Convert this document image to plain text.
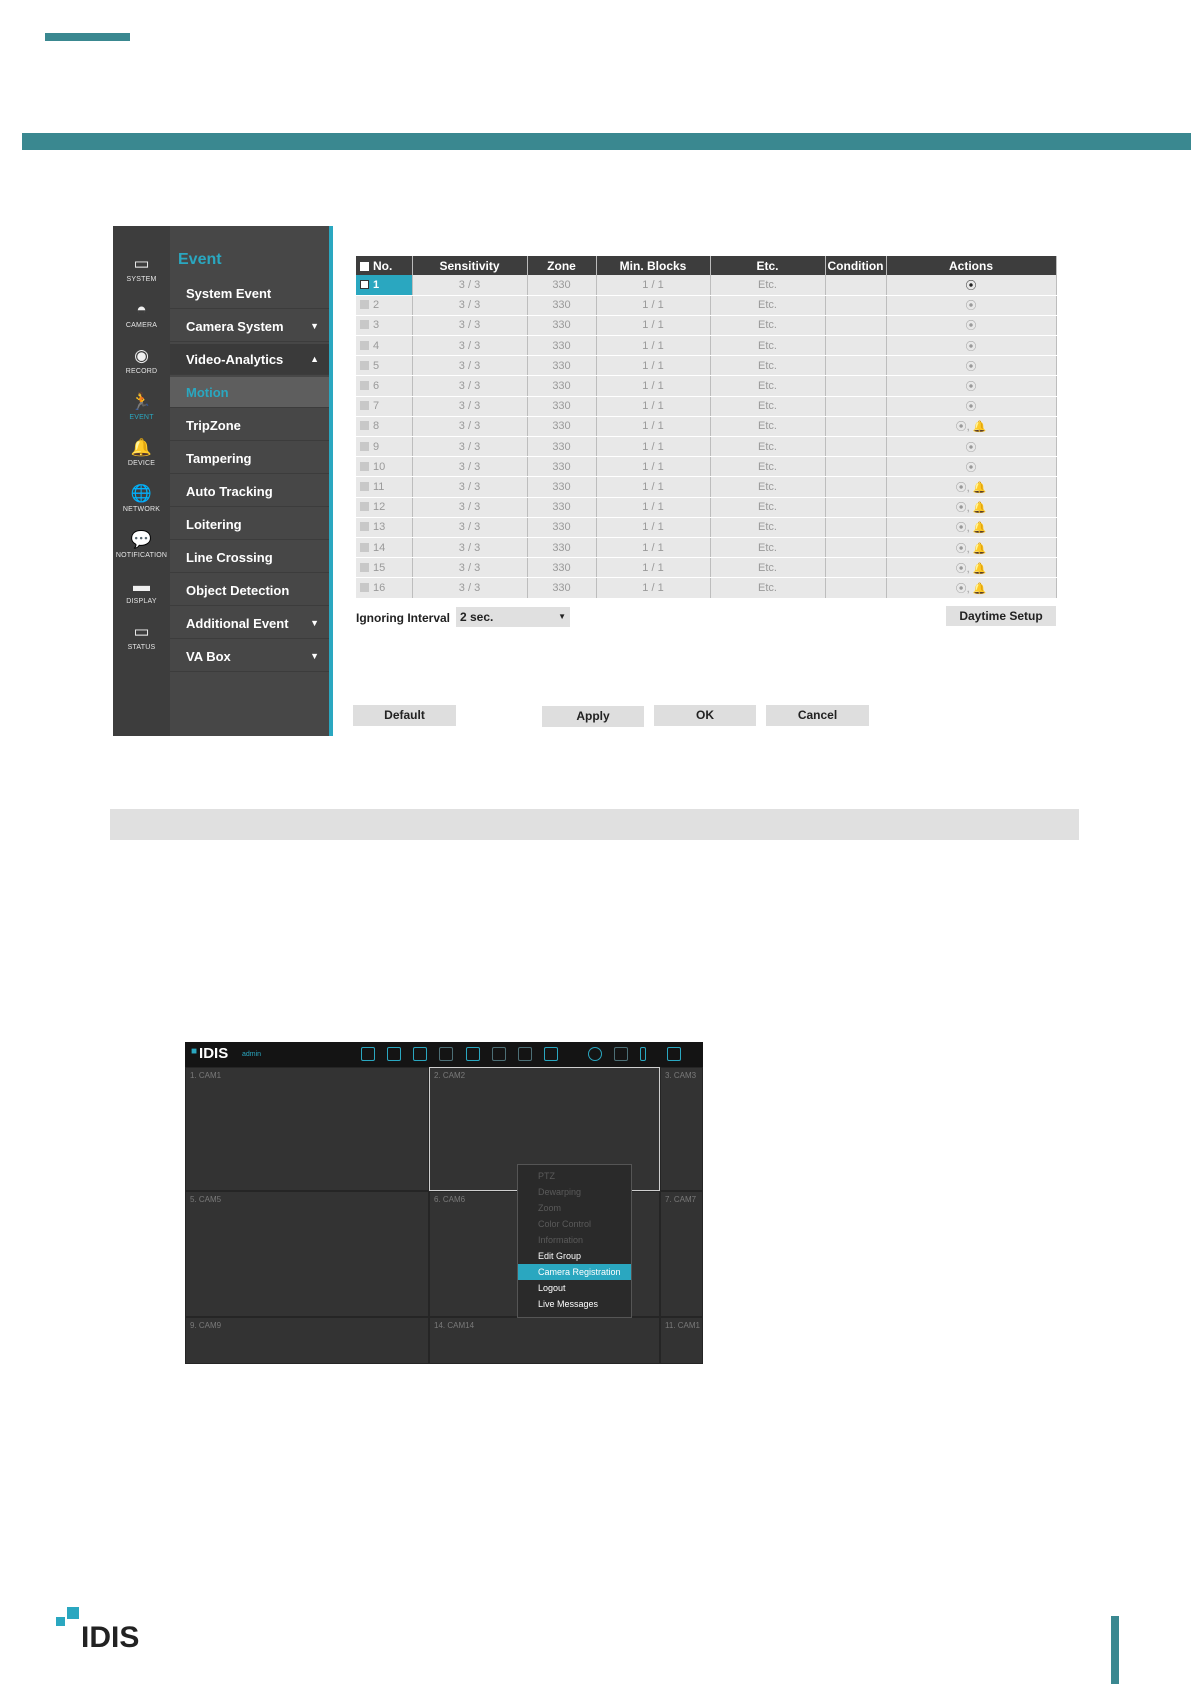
▭
SYSTEM
◓
CAMERA
◉
RECORD
🏃
EVENT
🔔
DEVICE
🌐
NETWORK
💬
NOTIFICATION
▬
DISPLAY
▭
STATUS
Event
System Event
Camera System	▼
Video-Analytics	▲
Motion
TripZone
Tampering
Auto Tracking
Loitering
Line Crossing
Object Detection
Additional Event ▼
VA Box	▼
No.	Sensitivity	Zone	Min. Blocks	Etc.	Condition	Actions
1	3 / 3	330	1 / 1	Etc.		⦿
2	3 / 3	330	1 / 1	Etc.		⦿
3	3 / 3	330	1 / 1	Etc.		⦿
4	3 / 3	330	1 / 1	Etc.		⦿
5	3 / 3	330	1 / 1	Etc.		⦿
6	3 / 3	330	1 / 1	Etc.		⦿
7	3 / 3	330	1 / 1	Etc.		⦿
8	3 / 3	330	1 / 1	Etc.		⦿, 🔔
9	3 / 3	330	1 / 1	Etc.		⦿
10	3 / 3	330	1 / 1	Etc.		⦿
11	3 / 3	330	1 / 1	Etc.		⦿, 🔔
12	3 / 3	330	1 / 1	Etc.		⦿, 🔔
13	3 / 3	330	1 / 1	Etc.		⦿, 🔔
14	3 / 3	330	1 / 1	Etc.		⦿, 🔔
15	3 / 3	330	1 / 1	Etc.		⦿, 🔔
16	3 / 3	330	1 / 1	Etc.		⦿, 🔔
Ignoring Interval 2 sec.	▼	Daytime Setup
Default	Apply	OK	Cancel
■ IDIS admin
1. CAM1	2. CAM2	3. CAM3
5. CAM5	6. CAM6	7. CAM7
9. CAM9	14. CAM14	11. CAM1
PTZ
Dewarping
Zoom
Color Control
Information
Edit Group
Camera Registration
Logout
Live Messages
IDIS
